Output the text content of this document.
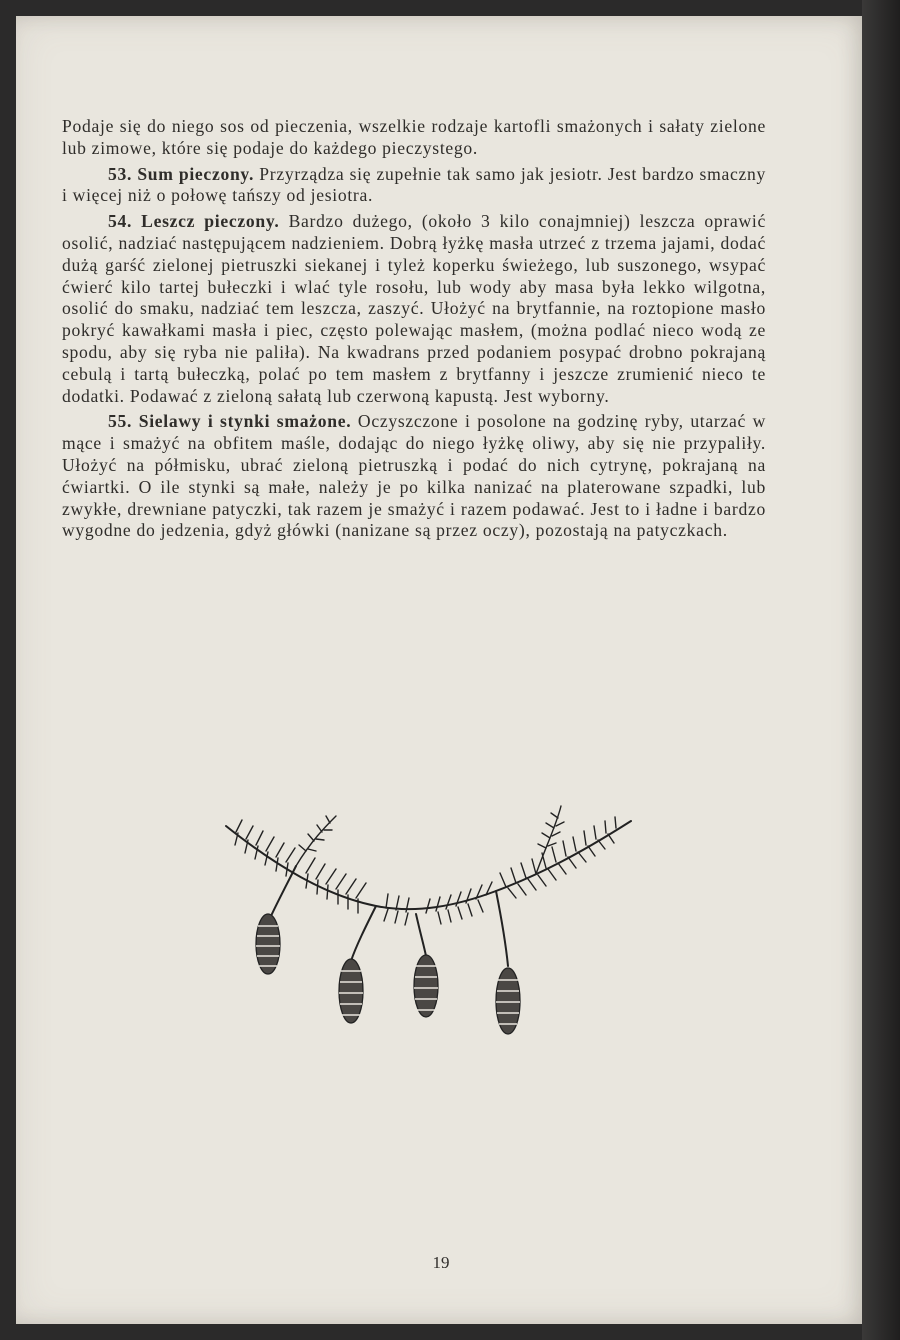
Podaje się do niego sos od pieczenia, wszelkie rodzaje kartofli smażonych i sałaty zielone lub zimowe, które się podaje do każdego pieczystego.

53. Sum pieczony. Przyrządza się zupełnie tak samo jak jesiotr. Jest bardzo smaczny i więcej niż o połowę tańszy od jesiotra.

54. Leszcz pieczony. Bardzo dużego, (około 3 kilo conajmniej) leszcza oprawić osolić, nadziać następującem nadzieniem. Dobrą łyżkę masła utrzeć z trzema jajami, dodać dużą garść zielonej pietruszki siekanej i tyleż koperku świeżego, lub suszonego, wsypać ćwierć kilo tartej bułeczki i wlać tyle rosołu, lub wody aby masa była lekko wilgotna, osolić do smaku, nadziać tem leszcza, zaszyć. Ułożyć na brytfannie, na roztopione masło pokryć kawałkami masła i piec, często polewając masłem, (można podlać nieco wodą ze spodu, aby się ryba nie paliła). Na kwadrans przed podaniem posypać drobno pokrajaną cebulą i tartą bułeczką, polać po tem masłem z brytfanny i jeszcze zrumienić nieco te dodatki. Podawać z zieloną sałatą lub czerwoną kapustą. Jest wyborny.

55. Sielawy i stynki smażone. Oczyszczone i posolone na godzinę ryby, utarzać w mące i smażyć na obfitem maśle, dodając do niego łyżkę oliwy, aby się nie przypaliły. Ułożyć na półmisku, ubrać zieloną pietruszką i podać do nich cytrynę, pokrajaną na ćwiartki. O ile stynki są małe, należy je po kilka nanizać na platerowane szpadki, lub zwykłe, drewniane patyczki, tak razem je smażyć i razem podawać. Jest to i ładne i bardzo wygodne do jedzenia, gdyż główki (nanizane są przez oczy), pozostają na patyczkach.

19
